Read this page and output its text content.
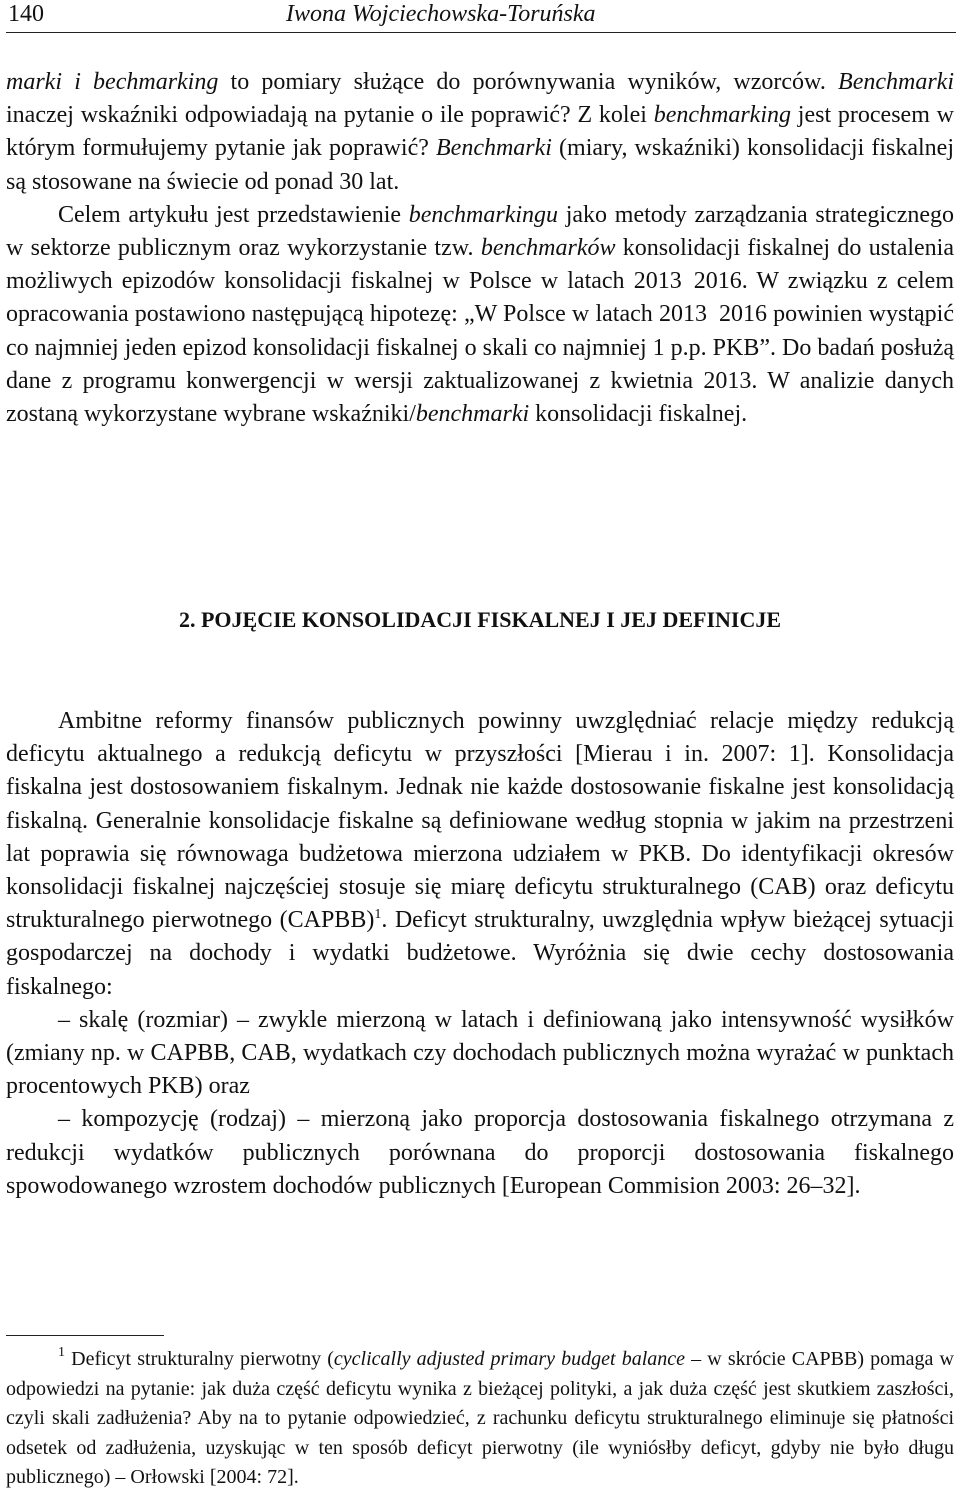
140	Iwona Wojciechowska-Toruńska

marki i bechmarking to pomiary służące do porównywania wyników, wzorców. Benchmarki inaczej wskaźniki odpowiadają na pytanie o ile poprawić? Z kolei benchmarking jest procesem w którym formułujemy pytanie jak poprawić? Benchmarki (miary, wskaźniki) konsolidacji fiskalnej są stosowane na świecie od ponad 30 lat.

Celem artykułu jest przedstawienie benchmarkingu jako metody zarządzania strategicznego w sektorze publicznym oraz wykorzystanie tzw. benchmarków konsolidacji fiskalnej do ustalenia możliwych epizodów konsolidacji fiskalnej w Polsce w latach 2013 2016. W związku z celem opracowania postawiono następującą hipotezę: „W Polsce w latach 2013 2016 powinien wystąpić co najmniej jeden epizod konsolidacji fiskalnej o skali co najmniej 1 p.p. PKB”. Do badań posłużą dane z programu konwergencji w wersji zaktualizowanej z kwietnia 2013. W analizie danych zostaną wykorzystane wybrane wskaźniki/benchmarki konsolidacji fiskalnej.

2. POJĘCIE KONSOLIDACJI FISKALNEJ I JEJ DEFINICJE

Ambitne reformy finansów publicznych powinny uwzględniać relacje między redukcją deficytu aktualnego a redukcją deficytu w przyszłości [Mierau i in. 2007: 1]. Konsolidacja fiskalna jest dostosowaniem fiskalnym. Jednak nie każde dostosowanie fiskalne jest konsolidacją fiskalną. Generalnie konsolidacje fiskalne są definiowane według stopnia w jakim na przestrzeni lat poprawia się równowaga budżetowa mierzona udziałem w PKB. Do identyfikacji okresów konsolidacji fiskalnej najczęściej stosuje się miarę deficytu strukturalnego (CAB) oraz deficytu strukturalnego pierwotnego (CAPBB)$^1$. Deficyt strukturalny, uwzględnia wpływ bieżącej sytuacji gospodarczej na dochody i wydatki budżetowe. Wyróżnia się dwie cechy dostosowania fiskalnego:

– skalę (rozmiar) – zwykle mierzoną w latach i definiowaną jako intensywność wysiłków (zmiany np. w CAPBB, CAB, wydatkach czy dochodach publicznych można wyrażać w punktach procentowych PKB) oraz

– kompozycję (rodzaj) – mierzoną jako proporcja dostosowania fiskalnego otrzymana z redukcji wydatków publicznych porównana do proporcji dostosowania fiskalnego spowodowanego wzrostem dochodów publicznych [European Commision 2003: 26–32].

$^1$ Deficyt strukturalny pierwotny (cyclically adjusted primary budget balance – w skrócie CAPBB) pomaga w odpowiedzi na pytanie: jak duża część deficytu wynika z bieżącej polityki, a jak duża część jest skutkiem zaszłości, czyli skali zadłużenia? Aby na to pytanie odpowiedzieć, z rachunku deficytu strukturalnego eliminuje się płatności odsetek od zadłużenia, uzyskując w ten sposób deficyt pierwotny (ile wyniósłby deficyt, gdyby nie było długu publicznego) – Orłowski [2004: 72].
